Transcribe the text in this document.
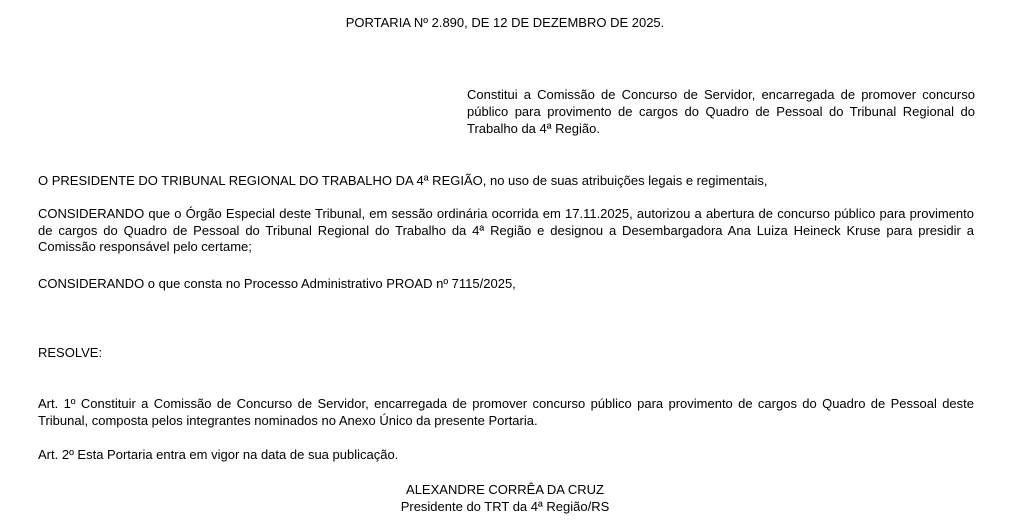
PORTARIA Nº 2.890, DE 12 DE DEZEMBRO DE 2025.
Constitui a Comissão de Concurso de Servidor, encarregada de promover concurso público para provimento de cargos do Quadro de Pessoal do Tribunal Regional do Trabalho da 4ª Região.

O PRESIDENTE DO TRIBUNAL REGIONAL DO TRABALHO DA 4ª REGIÃO, no uso de suas atribuições legais e regimentais,

CONSIDERANDO que o Órgão Especial deste Tribunal, em sessão ordinária ocorrida em 17.11.2025, autorizou a abertura de concurso público para provimento de cargos do Quadro de Pessoal do Tribunal Regional do Trabalho da 4ª Região e designou a Desembargadora Ana Luiza Heineck Kruse para presidir a Comissão responsável pelo certame;

CONSIDERANDO o que consta no Processo Administrativo PROAD nº 7115/2025,

RESOLVE:

Art. 1º Constituir a Comissão de Concurso de Servidor, encarregada de promover concurso público para provimento de cargos do Quadro de Pessoal deste Tribunal, composta pelos integrantes nominados no Anexo Único da presente Portaria.

Art. 2º Esta Portaria entra em vigor na data de sua publicação.

ALEXANDRE CORRÊA DA CRUZ
Presidente do TRT da 4ª Região/RS
